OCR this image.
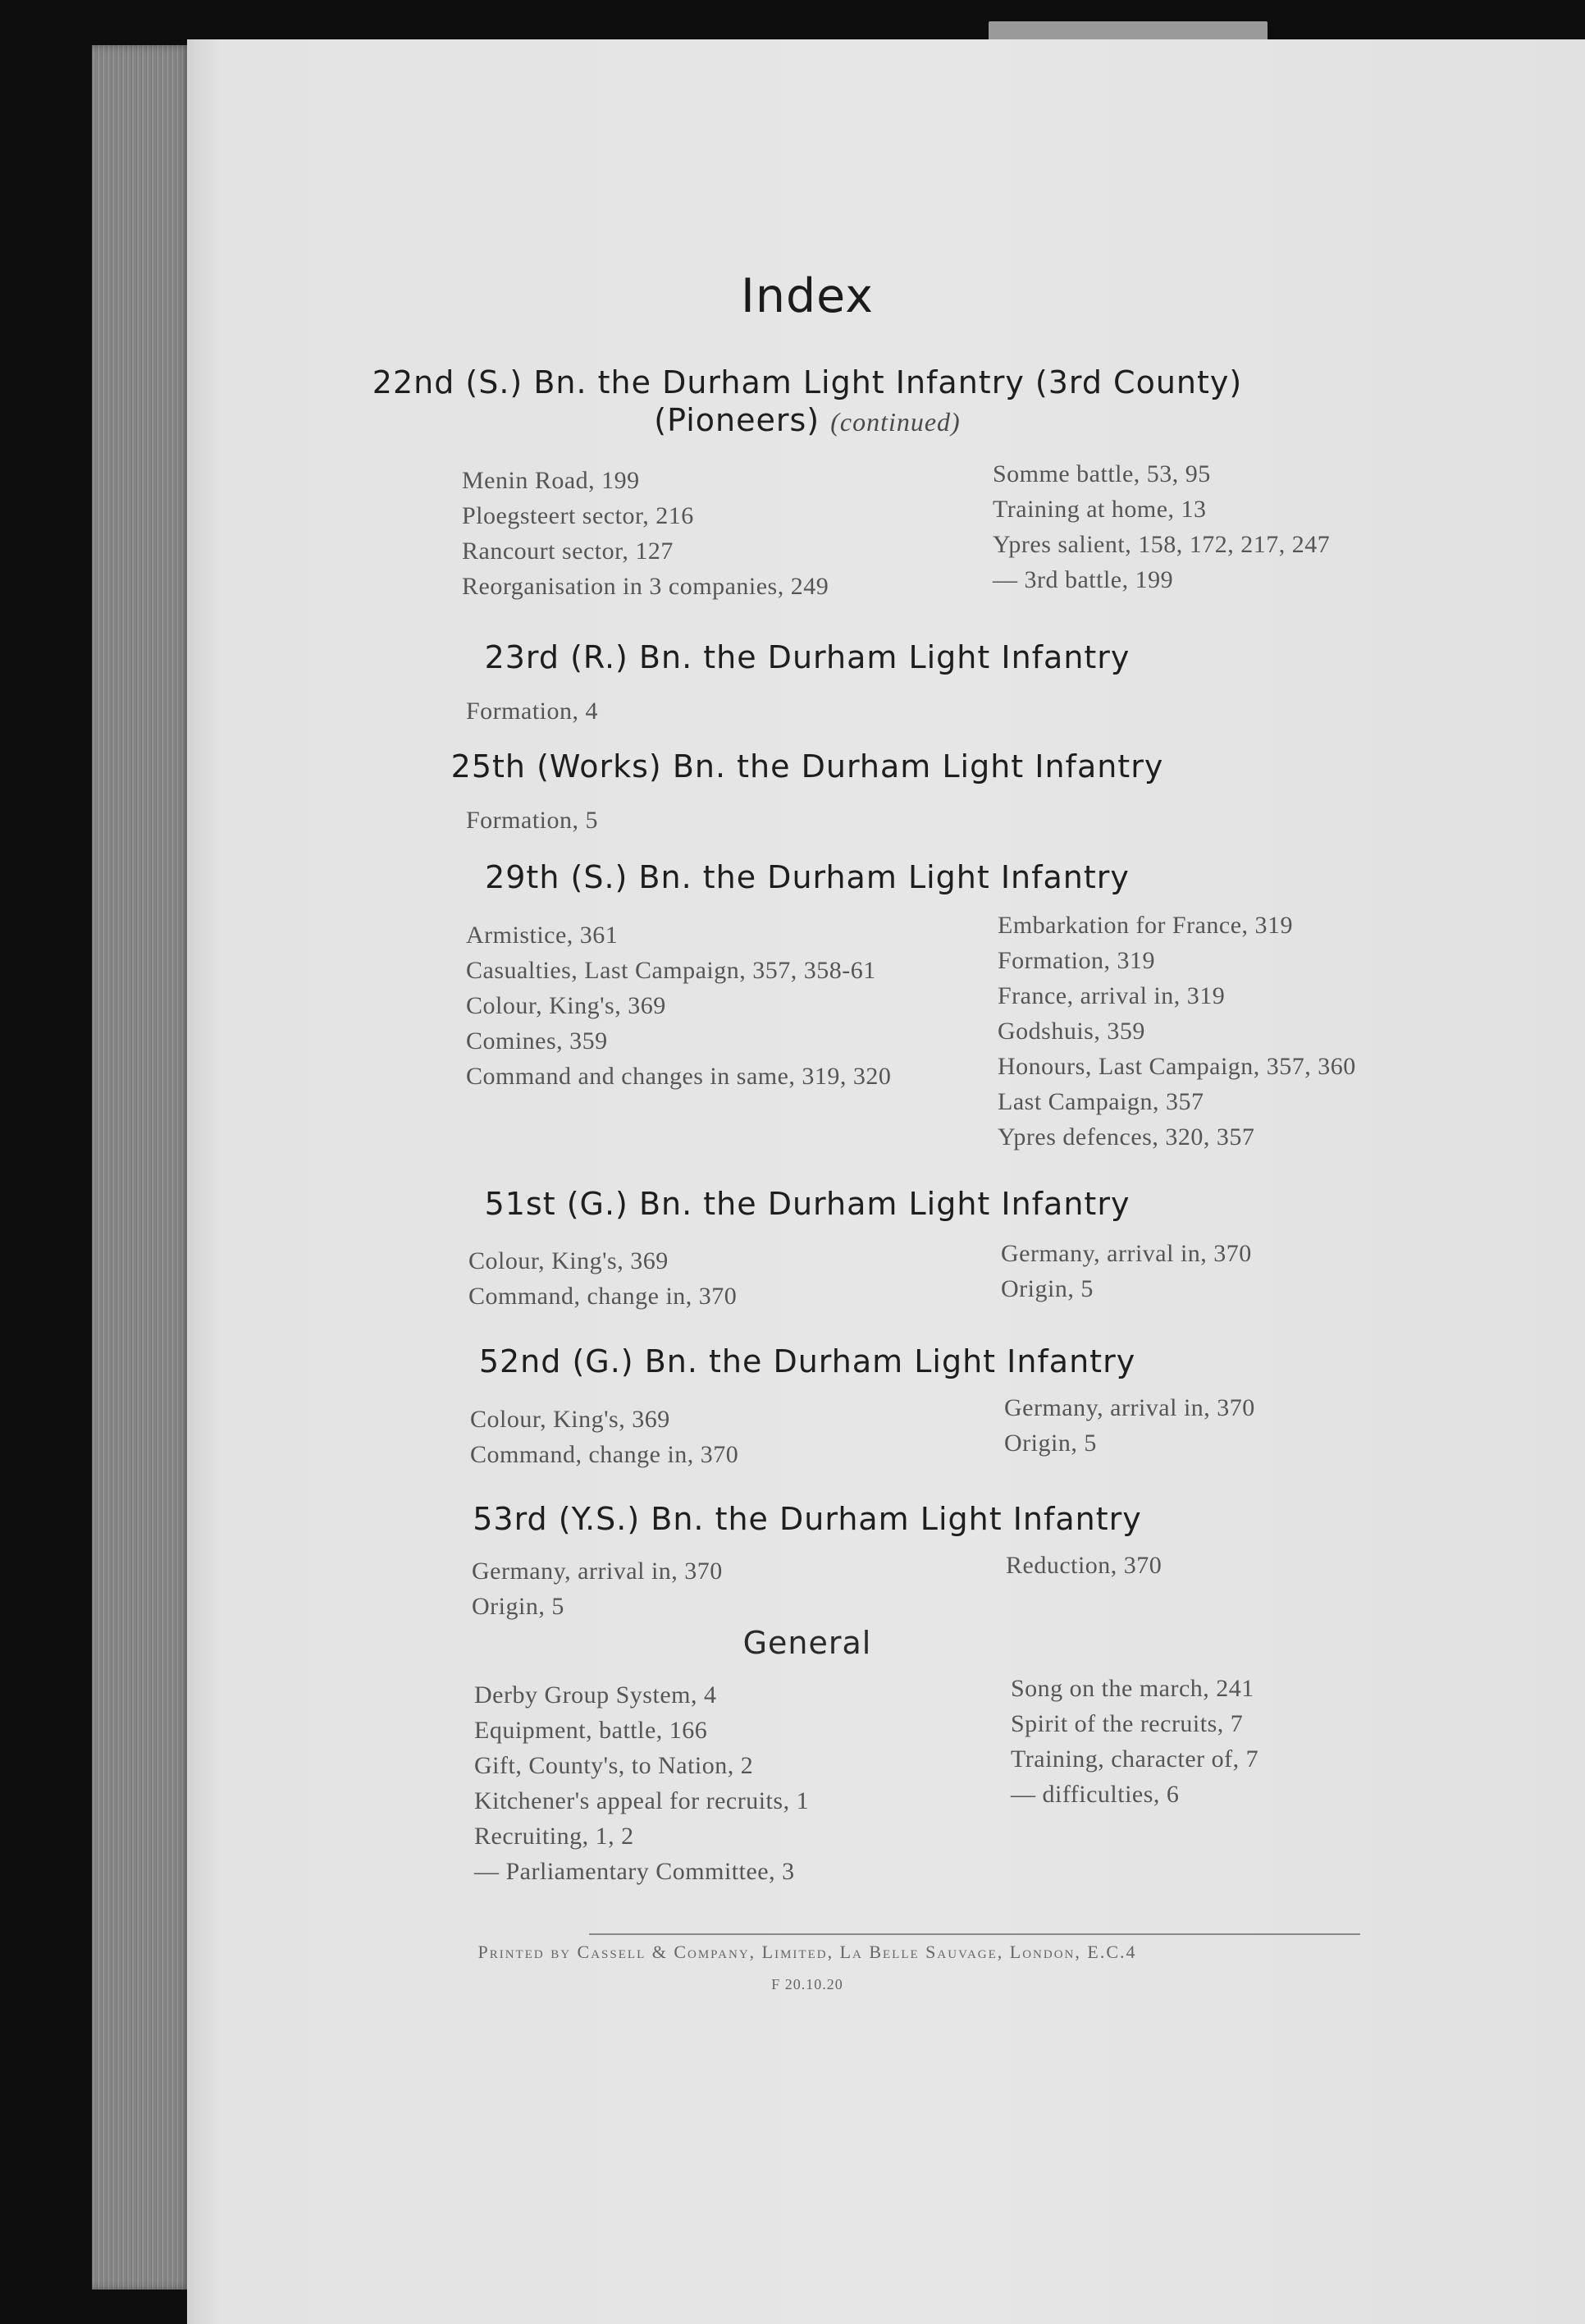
Index
22nd (S.) Bn. the Durham Light Infantry (3rd County)
(Pioneers) (continued)
Menin Road, 199
Ploegsteert sector, 216
Rancourt sector, 127
Reorganisation in 3 companies, 249
Somme battle, 53, 95
Training at home, 13
Ypres salient, 158, 172, 217, 247
— 3rd battle, 199
23rd (R.) Bn. the Durham Light Infantry
Formation, 4
25th (Works) Bn. the Durham Light Infantry
Formation, 5
29th (S.) Bn. the Durham Light Infantry
Armistice, 361
Casualties, Last Campaign, 357, 358-61
Colour, King's, 369
Comines, 359
Command and changes in same, 319, 320
Embarkation for France, 319
Formation, 319
France, arrival in, 319
Godshuis, 359
Honours, Last Campaign, 357, 360
Last Campaign, 357
Ypres defences, 320, 357
51st (G.) Bn. the Durham Light Infantry
Colour, King's, 369
Command, change in, 370
Germany, arrival in, 370
Origin, 5
52nd (G.) Bn. the Durham Light Infantry
Colour, King's, 369
Command, change in, 370
Germany, arrival in, 370
Origin, 5
53rd (Y.S.) Bn. the Durham Light Infantry
Germany, arrival in, 370
Origin, 5
Reduction, 370
General
Derby Group System, 4
Equipment, battle, 166
Gift, County's, to Nation, 2
Kitchener's appeal for recruits, 1
Recruiting, 1, 2
— Parliamentary Committee, 3
Song on the march, 241
Spirit of the recruits, 7
Training, character of, 7
— difficulties, 6
Printed by Cassell & Company, Limited, La Belle Sauvage, London, E.C.4
F 20.10.20
